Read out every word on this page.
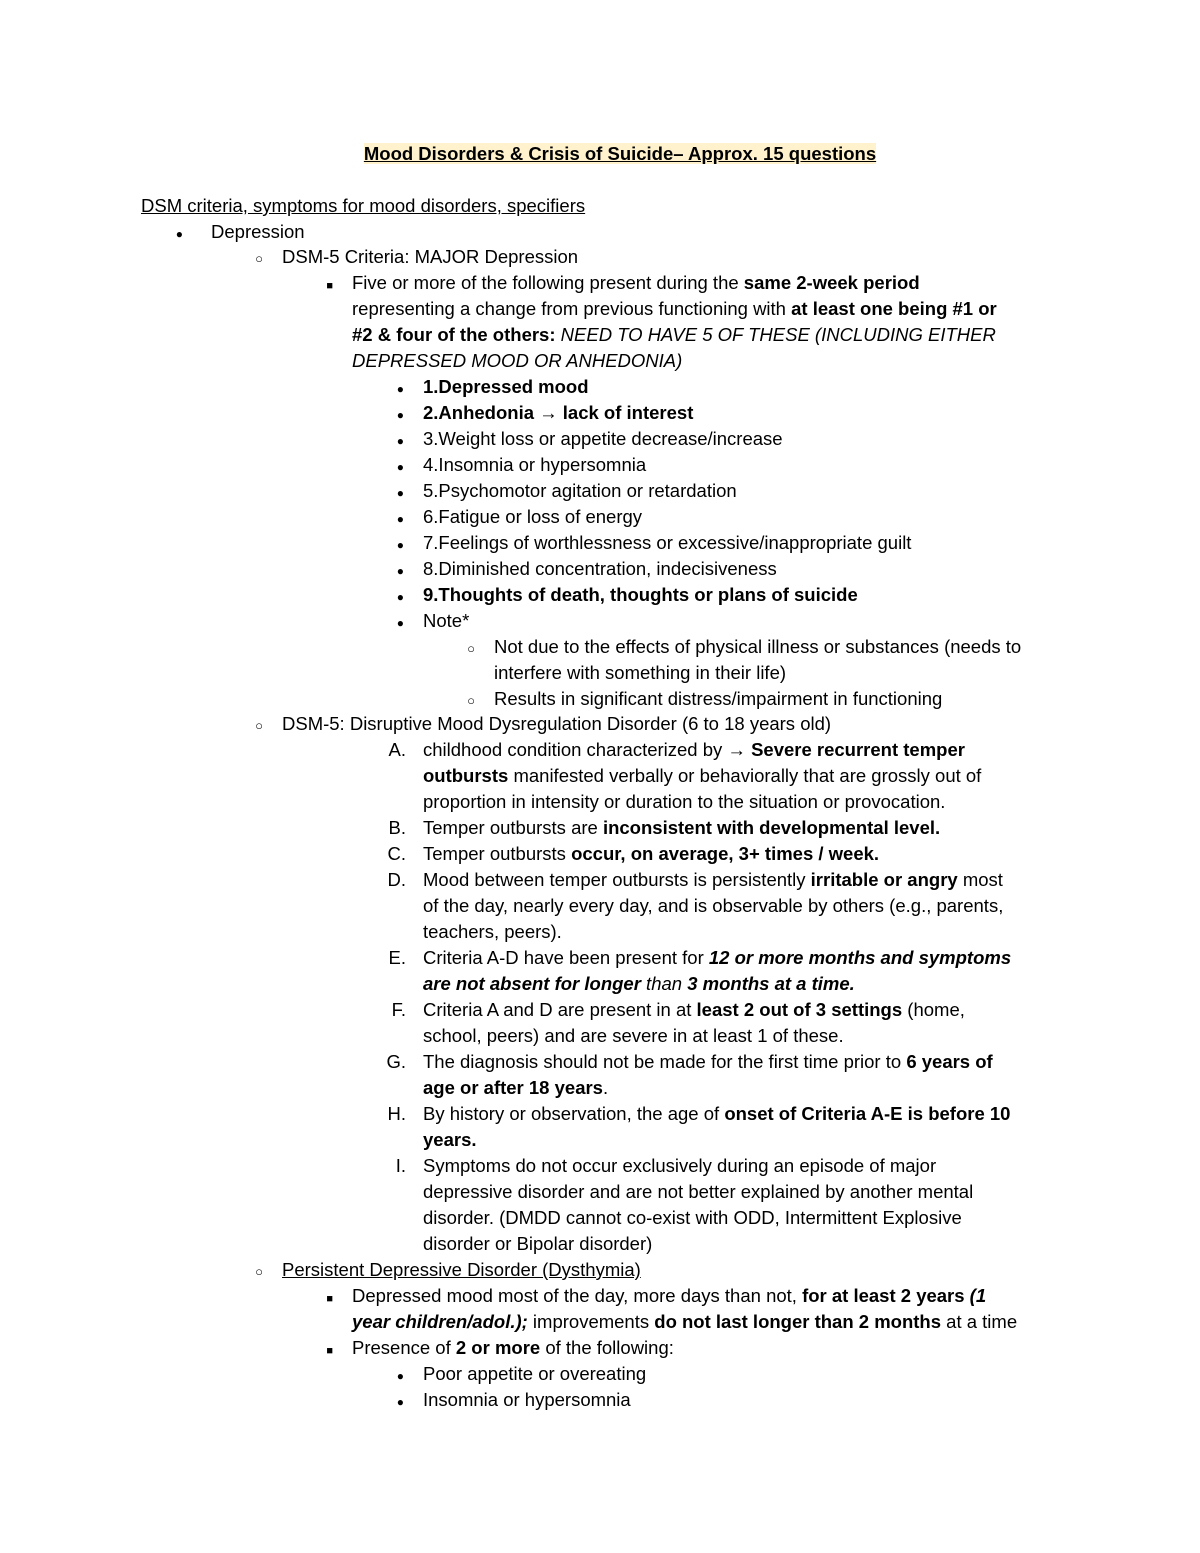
Mood Disorders & Crisis of Suicide– Approx. 15 questions
DSM criteria, symptoms for mood disorders, specifiers
●
Depression
○
DSM-5 Criteria: MAJOR Depression
■
Five or more of the following present during the same 2-week period
representing a change from previous functioning with at least one being #1 or
#2 & four of the others: NEED TO HAVE 5 OF THESE (INCLUDING EITHER
DEPRESSED MOOD OR ANHEDONIA)
●
1.Depressed mood
●
2.Anhedonia → lack of interest
●
3.Weight loss or appetite decrease/increase
●
4.Insomnia or hypersomnia
●
5.Psychomotor agitation or retardation
●
6.Fatigue or loss of energy
●
7.Feelings of worthlessness or excessive/inappropriate guilt
●
8.Diminished concentration, indecisiveness
●
9.Thoughts of death, thoughts or plans of suicide
●
Note*
○
Not due to the effects of physical illness or substances (needs to
interfere with something in their life)
○
Results in significant distress/impairment in functioning
○
DSM-5: Disruptive Mood Dysregulation Disorder (6 to 18 years old)
A. childhood condition characterized by → Severe recurrent temper
outbursts manifested verbally or behaviorally that are grossly out of
proportion in intensity or duration to the situation or provocation.
B. Temper outbursts are inconsistent with developmental level.
C. Temper outbursts occur, on average, 3+ times / week.
D. Mood between temper outbursts is persistently irritable or angry most
of the day, nearly every day, and is observable by others (e.g., parents,
teachers, peers).
E. Criteria A-D have been present for 12 or more months and symptoms
are not absent for longer than 3 months at a time.
F. Criteria A and D are present in at least 2 out of 3 settings (home,
school, peers) and are severe in at least 1 of these.
G. The diagnosis should not be made for the first time prior to 6 years of
age or after 18 years.
H. By history or observation, the age of onset of Criteria A-E is before 10
years.
I. Symptoms do not occur exclusively during an episode of major
depressive disorder and are not better explained by another mental
disorder. (DMDD cannot co-exist with ODD, Intermittent Explosive
disorder or Bipolar disorder)
○
Persistent Depressive Disorder (Dysthymia)
■
Depressed mood most of the day, more days than not, for at least 2 years (1
year children/adol.); improvements do not last longer than 2 months at a time
■
Presence of 2 or more of the following:
●
Poor appetite or overeating
●
Insomnia or hypersomnia
